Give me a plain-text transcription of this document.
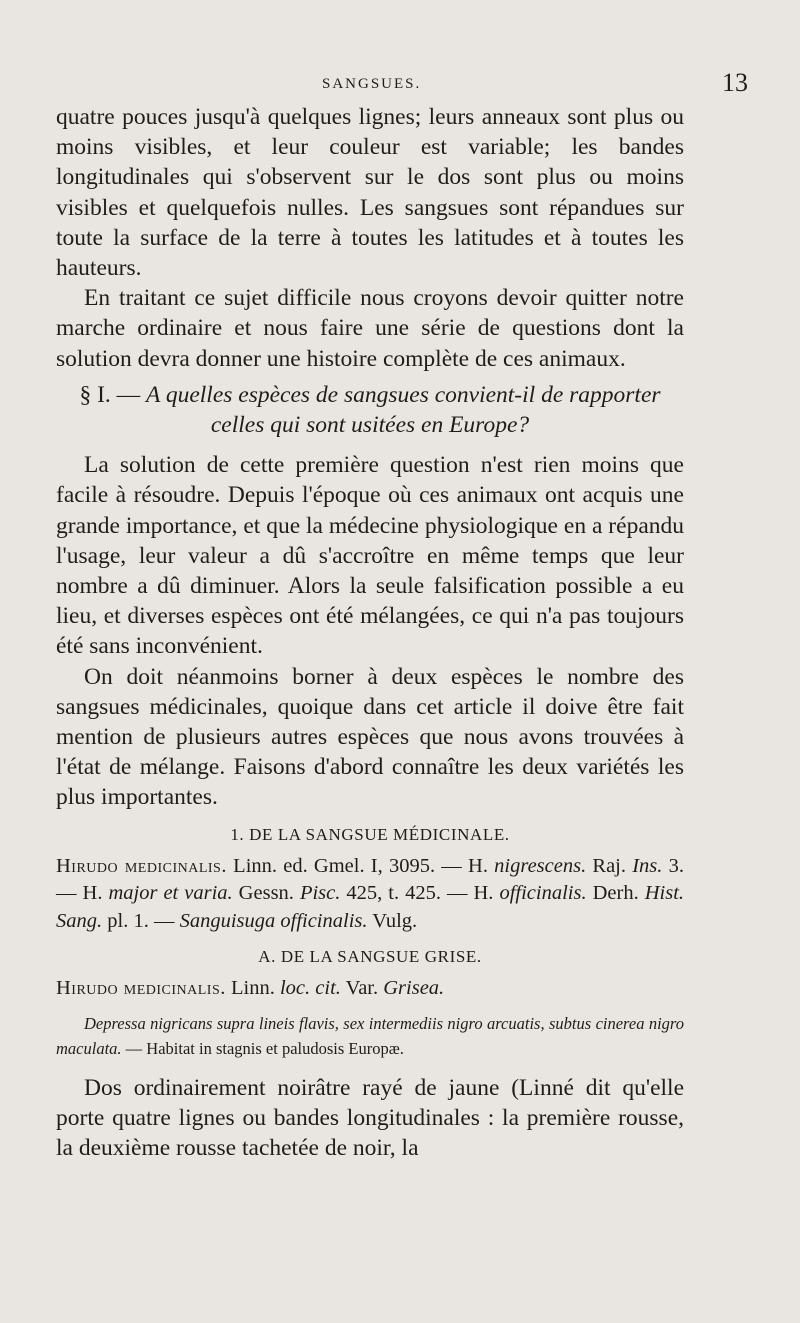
SANGSUES.	13

quatre pouces jusqu'à quelques lignes; leurs anneaux sont plus ou moins visibles, et leur couleur est variable; les bandes longitudinales qui s'observent sur le dos sont plus ou moins visibles et quelquefois nulles. Les sangsues sont répandues sur toute la surface de la terre à toutes les latitudes et à toutes les hauteurs.

En traitant ce sujet difficile nous croyons devoir quitter notre marche ordinaire et nous faire une série de questions dont la solution devra donner une histoire complète de ces animaux.

§ I. — A quelles espèces de sangsues convient-il de rapporter celles qui sont usitées en Europe?

La solution de cette première question n'est rien moins que facile à résoudre. Depuis l'époque où ces animaux ont acquis une grande importance, et que la médecine physiologique en a répandu l'usage, leur valeur a dû s'accroître en même temps que leur nombre a dû diminuer. Alors la seule falsification possible a eu lieu, et diverses espèces ont été mélangées, ce qui n'a pas toujours été sans inconvénient.

On doit néanmoins borner à deux espèces le nombre des sangsues médicinales, quoique dans cet article il doive être fait mention de plusieurs autres espèces que nous avons trouvées à l'état de mélange. Faisons d'abord connaître les deux variétés les plus importantes.

1. DE LA SANGSUE MÉDICINALE.

Hirudo medicinalis. Linn. ed. Gmel. I, 3095. — H. nigrescens. Raj. Ins. 3. — H. major et varia. Gessn. Pisc. 425, t. 425. — H. officinalis. Derh. Hist. Sang. pl. 1. — Sanguisuga officinalis. Vulg.

A. DE LA SANGSUE GRISE.

Hirudo medicinalis. Linn. loc. cit. Var. Grisea.

Depressa nigricans supra lineis flavis, sex intermediis nigro arcuatis, subtus cinerea nigro maculata. — Habitat in stagnis et paludosis Europæ.

Dos ordinairement noirâtre rayé de jaune (Linné dit qu'elle porte quatre lignes ou bandes longitudinales : la première rousse, la deuxième rousse tachetée de noir, la
